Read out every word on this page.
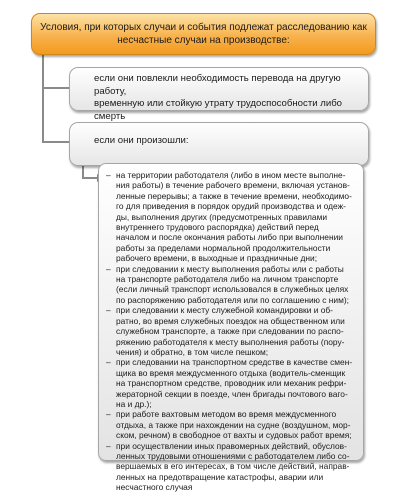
Условия, при которых случаи и события подлежат расследованию как
несчастные случаи на производстве:
если они повлекли необходимость перевода на другую работу,
временную или стойкую утрату трудоспособности либо смерть
если они произошли:
– на территории работодателя (либо в ином месте выполне-
ния работы) в течение рабочего времени, включая установ-
ленные перерывы; а также в течение времени, необходимо-
го для приведения в порядок орудий производства и одеж-
ды, выполнения других (предусмотренных правилами
внутреннего трудового распорядка) действий перед
началом и после окончания работы либо при выполнении
работы за пределами нормальной продолжительности
рабочего времени, в выходные и праздничные дни;
– при следовании к месту выполнения работы или с работы
на транспорте работодателя либо на личном транспорте
(если личный транспорт использовался в служебных целях
по распоряжению работодателя или по соглашению с ним);
– при следовании к месту служебной командировки и об-
ратно, во время служебных поездок на общественном или
служебном транспорте, а также при следовании по распо-
ряжению работодателя к месту выполнения работы (пору-
чения) и обратно, в том числе пешком;
– при следовании на транспортном средстве в качестве смен-
щика во время междусменного отдыха (водитель-сменщик
на транспортном средстве, проводник или механик рефри-
жераторной секции в поезде, член бригады почтового ваго-
на и др.);
– при работе вахтовым методом во время междусменного
отдыха, а также при нахождении на судне (воздушном, мор-
ском, речном) в свободное от вахты и судовых работ время;
– при осуществлении иных правомерных действий, обуслов-
ленных трудовыми отношениями с работодателем либо со-
вершаемых в его интересах, в том числе действий, направ-
ленных на предотвращение катастрофы, аварии или
несчастного случая
